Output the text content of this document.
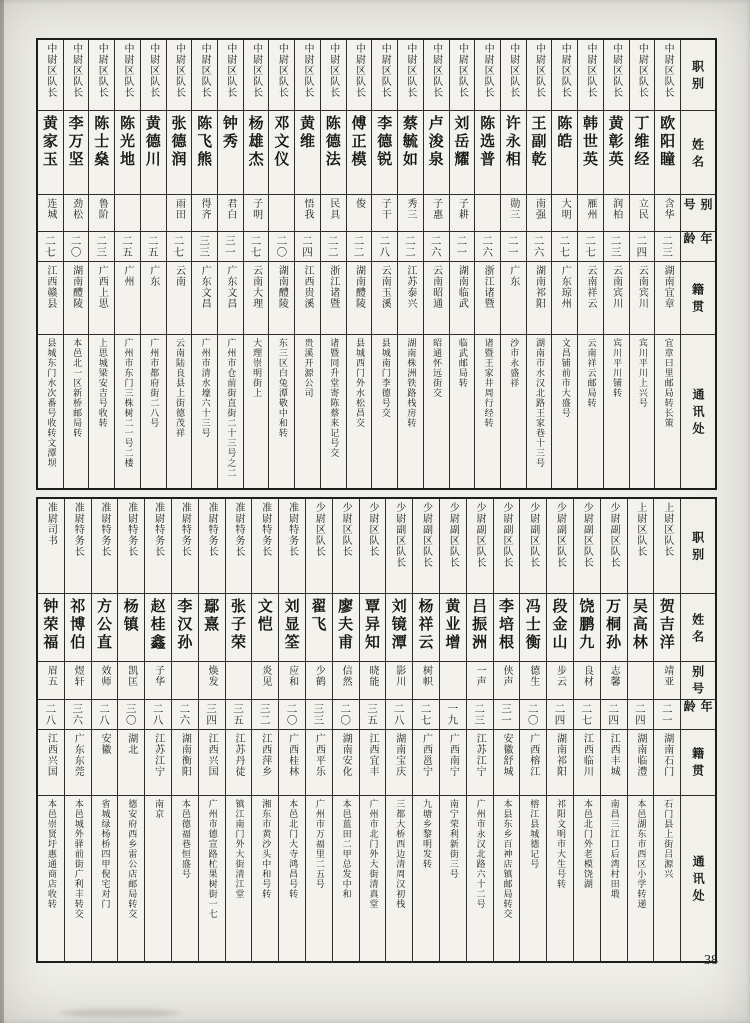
中尉区队长
黄家玉
连城
二七
江西赣县
县城东门水次番号收转文潭坝
中尉区队长
李万坚
劲松
二〇
湖南醴陵
本邑北一区新桥邮局转
中尉区队长
陈士燊
鲁阶
二三
广西上思
上思城梁安吉号收转
中尉区队长
陈光地
二五
广州
广州市东门三株树二一号二楼
中尉区队长
黄德川
二五
广东
广州市都府街二八号
中尉区队长
张德润
雨田
二七
云南
云南陆良县上街德茂祥
中尉区队长
陈飞熊
得齐
三三
广东文昌
广州市清水壕六十三号
中尉区队长
钟秀
君白
三一
广东文昌
广州市仓前街直街二十三号之二
中尉区队长
杨雄杰
子明
二七
云南大理
大理崇明街上
中尉区队长
邓文仪
二〇
湖南醴陵
东三区白兔潭敬中和转
中尉区队长
黄维
悟我
二四
江西贵溪
贵溪开源公司
中尉区队长
陈德法
民具
二二
浙江诸暨
诸暨同升堂寄陈蔡来记号交
中尉区队长
傅正模
俊
二二
湖南醴陵
县城西门外水松昌交
中尉区队长
李德锐
子干
二八
云南玉溪
县城南门李德号交
中尉区队长
蔡毓如
秀三
二二
江苏泰兴
湖南株洲铁路栈房转
中尉区队长
卢浚泉
子惠
二六
云南昭通
昭通怀远街交
中尉区队长
刘岳耀
子耕
二一
湖南临武
临武邮局转
中尉区队长
陈选普
二六
浙江诸暨
诸暨王家井周行经转
中尉区队长
许永相
勋三
二一
广东
沙市永盛祥
中尉区队长
王副乾
南强
二六
湖南祁阳
湖南市水汉北路王家巷十三号
中尉区队长
陈皓
大明
二七
广东琼州
文昌铺前市大盛号
中尉区队长
韩世英
雁州
二七
云南祥云
云南祥云邮局转
中尉区队长
黄彰英
润柏
二三
云南宾川
宾川平川铺转
中尉区队长
丁维经
立民
二四
云南宾川
宾川平川上兴号
中尉区队长
欧阳瞳
含华
二三
湖南宜章
宜章曰里邮局转长策
职别
姓名
别号
年龄
籍贯
通讯处
准尉司书
钟荣福
眉五
二八
江西兴国
本邑崇贤圩惠通商店收转
准尉特务长
祁博伯
煜轩
三六
广东东莞
本邑城外驿前街广利丰转交
准尉特务长
方公直
效师
二八
安徽
省城绿杨桥四甲倪宅对门
准尉特务长
杨镇
凯匡
三〇
湖北
德安府西乡雷公店邮局转交
准尉特务长
赵桂鑫
子华
二八
江苏江宁
南京
准尉特务长
李汉孙
二六
湖南衡阳
本邑德福巷恒盛号
准尉特务长
鄢熹
焕发
三四
江西兴国
广州市德宣路杧果树街一七
准尉特务长
张子荣
三五
江苏丹徒
镇江南门外大街清江堂
准尉特务长
文恺
炎见
三二
江西萍乡
湘东市黄沙头中和号转
准尉特务长
刘显筌
应和
二〇
广西桂林
本邑北门大寺鸿昌号转
少尉区队长
翟飞
少鹤
三三
广西平乐
广州市万福里二五号
少尉区队长
廖夫甫
信然
二〇
湖南安化
本邑蓝田二甲总发中和
少尉区队长
覃异知
晓能
三五
江西宜丰
广州市北门外大街清真堂
少尉副区队长
刘镜潭
影川
二八
湖南宝庆
三都大桥西边清周汉初栈
少尉副区队长
杨祥云
树帜
二七
广西邕宁
九塘乡黎明发转
少尉副区队长
黄业增
一九
广西南宁
南宁荣利新街三号
少尉副区队长
吕振洲
一声
二三
江苏江宁
广州市永汉北路六十二号
少尉副区队长
李培根
侠声
三一
安徽舒城
本县东乡百神店镇邮局转交
少尉副区队长
冯士衡
德生
二〇
广西榕江
榕江县城德记号
少尉副区队长
段金山
步云
二四
湖南祁阳
祁阳文明市大生号转
少尉副区队长
饶鹏九
良材
二七
江西临川
本邑北门外老模饶湖
少尉副区队长
万桐孙
志馨
二四
江西丰城
南昌三江口后湾村田塅
上尉区队长
吴高林
二四
湖南临澧
本邑湖东市西区小学转递
上尉区队长
贺吉洋
靖亚
二一
湖南石门
石门县上街吕源兴
职别
姓名
别号
年龄
籍贯
通讯处
38
